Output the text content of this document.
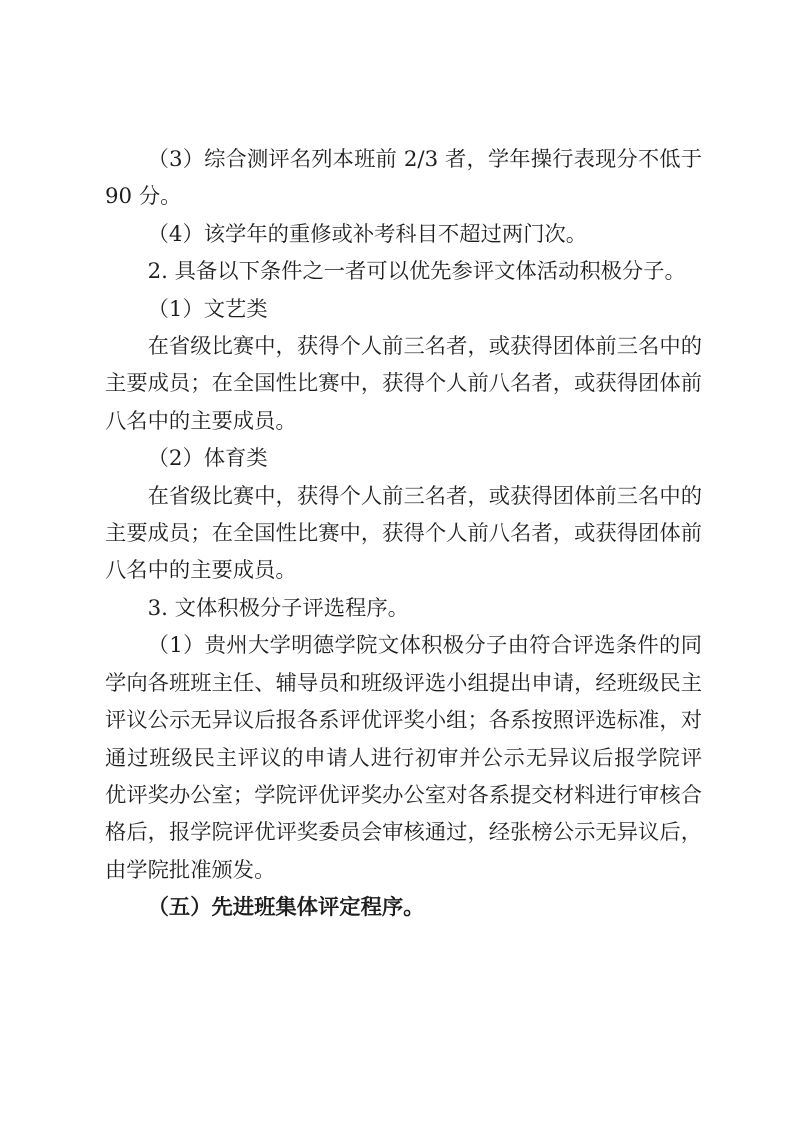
（3）综合测评名列本班前 2/3 者，学年操行表现分不低于
90 分。
（4）该学年的重修或补考科目不超过两门次。
2. 具备以下条件之一者可以优先参评文体活动积极分子。
（1）文艺类
在省级比赛中，获得个人前三名者，或获得团体前三名中的
主要成员；在全国性比赛中，获得个人前八名者，或获得团体前
八名中的主要成员。
（2）体育类
在省级比赛中，获得个人前三名者，或获得团体前三名中的
主要成员；在全国性比赛中，获得个人前八名者，或获得团体前
八名中的主要成员。
3. 文体积极分子评选程序。
（1）贵州大学明德学院文体积极分子由符合评选条件的同
学向各班班主任、辅导员和班级评选小组提出申请，经班级民主
评议公示无异议后报各系评优评奖小组；各系按照评选标准，对
通过班级民主评议的申请人进行初审并公示无异议后报学院评
优评奖办公室；学院评优评奖办公室对各系提交材料进行审核合
格后，报学院评优评奖委员会审核通过，经张榜公示无异议后，
由学院批准颁发。
（五）先进班集体评定程序。
